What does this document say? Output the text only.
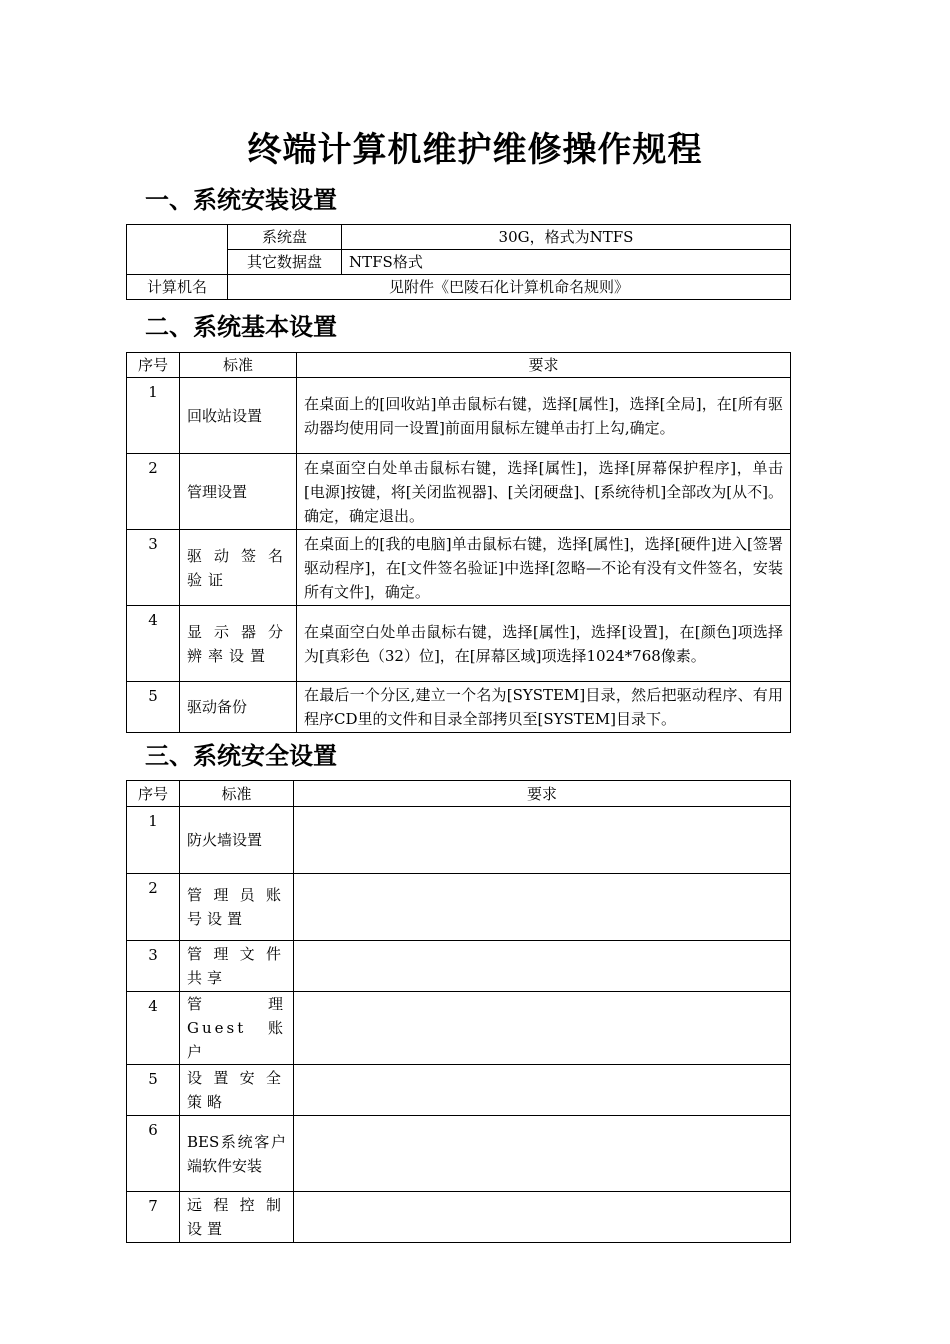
终端计算机维护维修操作规程
一、系统安装设置
	系统盘	30G，格式为NTFS
	其它数据盘	NTFS格式
计算机名	见附件《巴陵石化计算机命名规则》	
二、系统基本设置
序号	标准	要求
1	回收站设置	在桌面上的[回收站]单击鼠标右键，选择[属性]，选择[全局]，在[所有驱动器均使用同一设置]前面用鼠标左键单击打上勾,确定。
2	管理设置	在桌面空白处单击鼠标右键，选择[属性]，选择[屏幕保护程序]，单击[电源]按键，将[关闭监视器]、[关闭硬盘]、[系统待机]全部改为[从不]。确定，确定退出。
3	驱动签名验证	在桌面上的[我的电脑]单击鼠标右键，选择[属性]，选择[硬件]进入[签署驱动程序]，在[文件签名验证]中选择[忽略—不论有没有文件签名，安装所有文件]，确定。
4	显示器分辨率设置	在桌面空白处单击鼠标右键，选择[属性]，选择[设置]，在[颜色]项选择为[真彩色（32）位]，在[屏幕区域]项选择1024*768像素。
5	驱动备份	在最后一个分区,建立一个名为[SYSTEM]目录，然后把驱动程序、有用程序CD里的文件和目录全部拷贝至[SYSTEM]目录下。
三、系统安全设置
序号	标准	要求
1	防火墙设置	
2	管理员账号设置	
3	管理文件共享	
4	管理 Guest 账户	
5	设置安全策略	
6	BES系统客户端软件安装	
7	远程控制设置	
